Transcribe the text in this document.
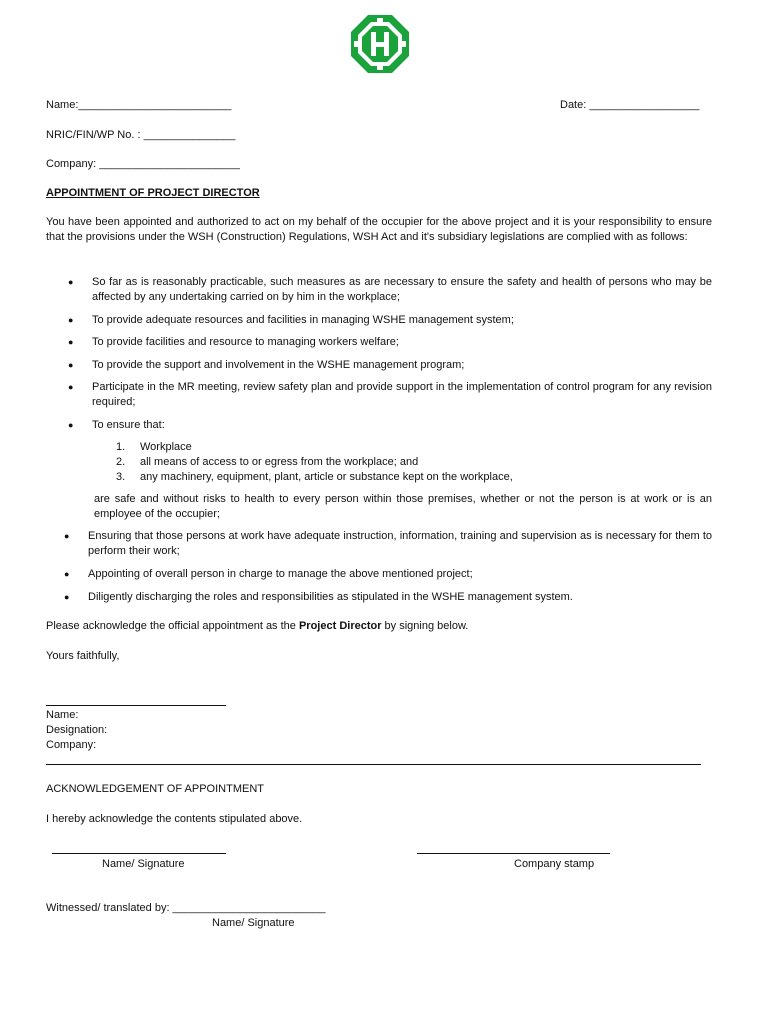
Name:_________________________	Date: __________________
NRIC/FIN/WP No. : _______________
Company: _______________________
APPOINTMENT OF PROJECT DIRECTOR
You have been appointed and authorized to act on my behalf of the occupier for the above project and it is your responsibility to ensure that the provisions under the WSH (Construction) Regulations, WSH Act and it's subsidiary legislations are complied with as follows:
● So far as is reasonably practicable, such measures as are necessary to ensure the safety and health of persons who may be affected by any undertaking carried on by him in the workplace;
● To provide adequate resources and facilities in managing WSHE management system;
● To provide facilities and resource to managing workers welfare;
● To provide the support and involvement in the WSHE management program;
● Participate in the MR meeting, review safety plan and provide support in the implementation of control program for any revision required;
● To ensure that:
1. Workplace
2. all means of access to or egress from the workplace; and
3. any machinery, equipment, plant, article or substance kept on the workplace,
are safe and without risks to health to every person within those premises, whether or not the person is at work or is an employee of the occupier;
● Ensuring that those persons at work have adequate instruction, information, training and supervision as is necessary for them to perform their work;
● Appointing of overall person in charge to manage the above mentioned project;
● Diligently discharging the roles and responsibilities as stipulated in the WSHE management system.
Please acknowledge the official appointment as the Project Director by signing below.
Yours faithfully,
Name:
Designation:
Company:
ACKNOWLEDGEMENT OF APPOINTMENT
I hereby acknowledge the contents stipulated above.
Name/ Signature	Company stamp
Witnessed/ translated by: _________________________
Name/ Signature
